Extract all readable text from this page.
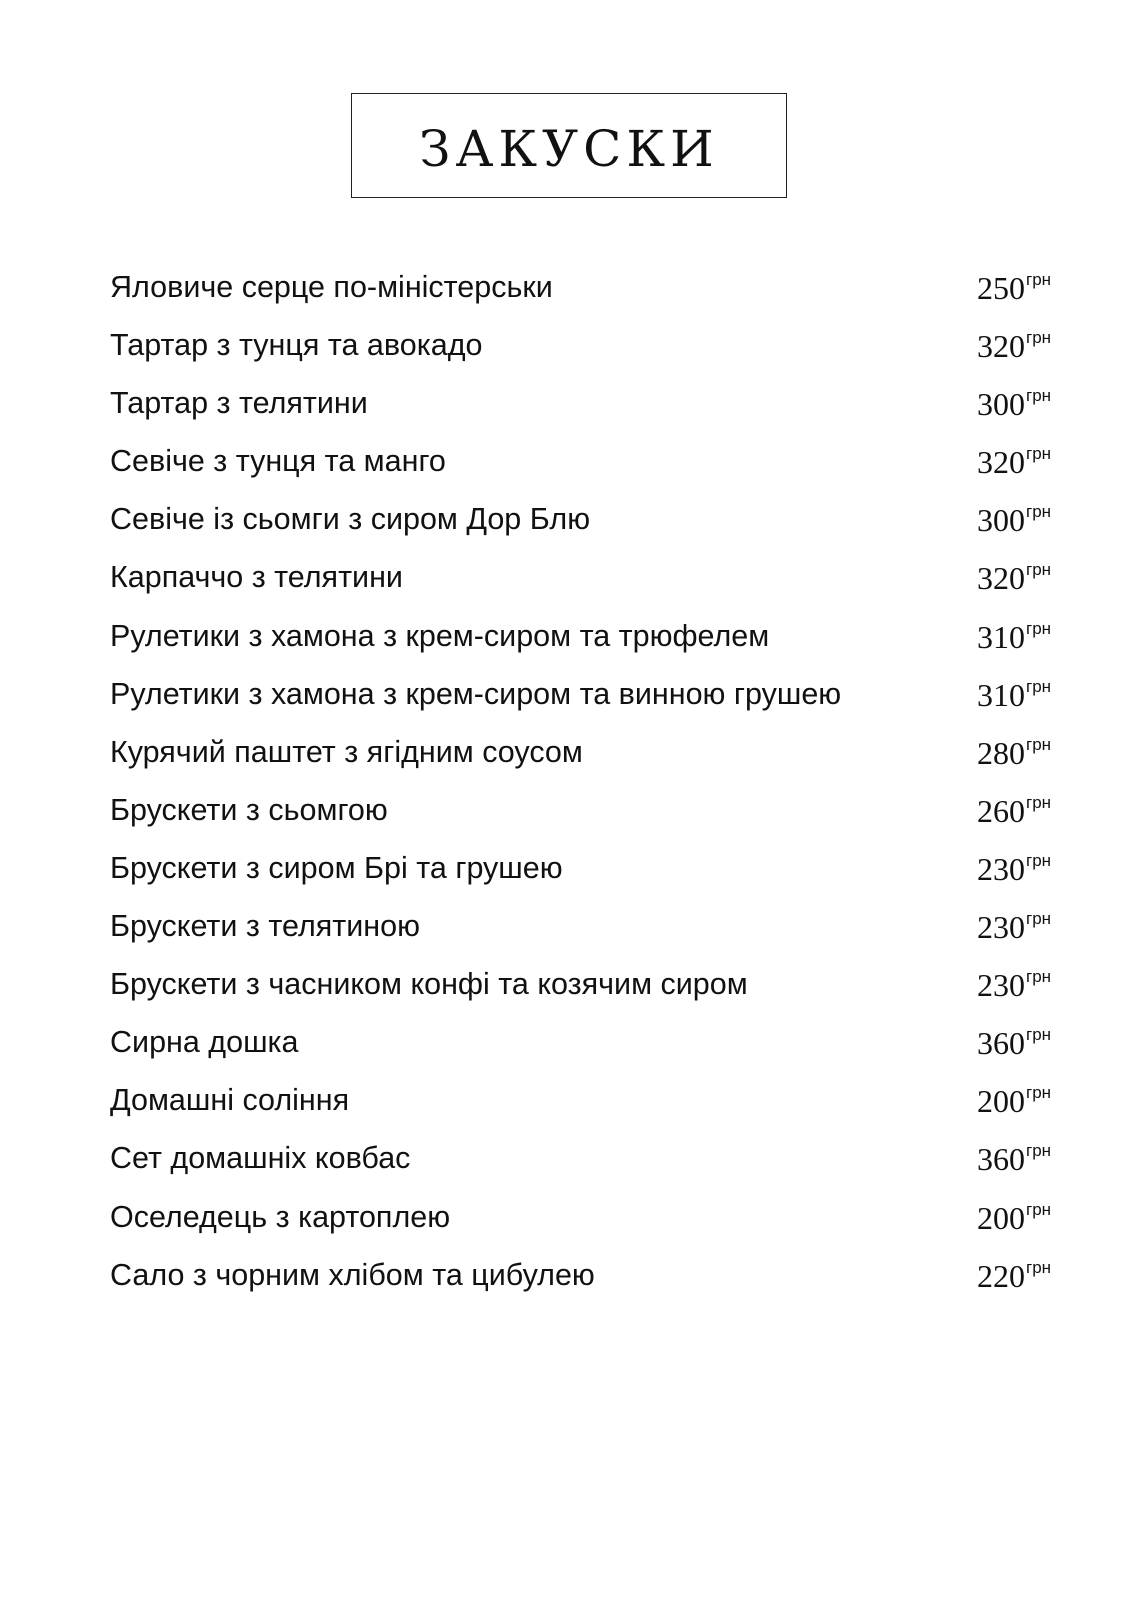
ЗАКУСКИ
Яловиче серце по-міністерськи	250грн
Тартар з тунця та авокадо	320грн
Тартар з телятини	300грн
Севіче з тунця та манго	320грн
Севіче із сьомги з сиром Дор Блю	300грн
Карпаччо з телятини	320грн
Рулетики з хамона з крем-сиром та трюфелем	310грн
Рулетики з хамона з крем-сиром та винною грушею	310грн
Курячий паштет з ягідним соусом	280грн
Брускети з сьомгою	260грн
Брускети з сиром Брі та грушею	230грн
Брускети з телятиною	230грн
Брускети з часником конфі та козячим сиром	230грн
Сирна дошка	360грн
Домашні соління	200грн
Сет домашніх ковбас	360грн
Оселедець з картоплею	200грн
Сало з чорним хлібом та цибулею	220грн
